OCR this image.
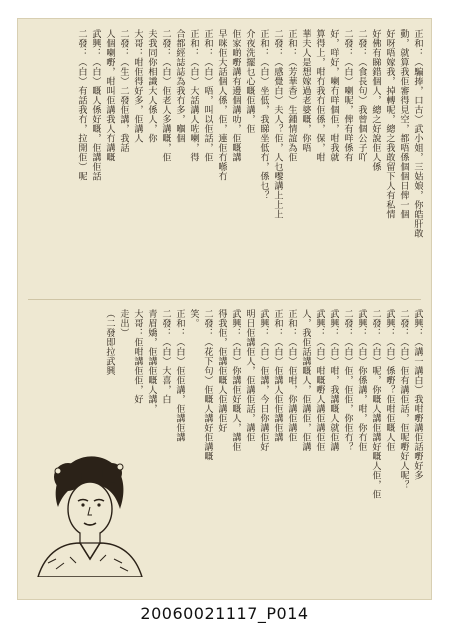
正和：（騙捧，口古）武小姐，三姑娘，你皓肝敢
動，就算我佢審得見空，都唔係個個日俾一個
好呀唔嫁我，掉轉呢，總之我敢留下人有私情
好佛有睇錯個人，總之好說佢人係
二發：（食長句）我曾個公子吖
二發：（白）喇呢，俾有咩係有
好，咩好，喇冇咩個佢，咁我就
算得上，咁冇我冇佢係，保，咁
華夫人是想嫁過老婆嘅，你唔
正和：（芳華香）生鍾情誼為佢
二發：（感覺白）夫人？佢，人乜嚟講上上上
正和：（白）坐低，我睇坐低冇，係乜？
介夜洗擺乜心嘅佢講，佢
佢家啲嘢講有邊個講叻，佢嘅講
早咪佢大話個人係，佢，連佢冇喺冇
正和：（白）唔，叫以佢話，佢
正和：（白）大話講人咗喇，得
合都經誌誌為我冇多，嗰個
二發：（白）佢老人多講嘅，佢
夫我同你相識大人係人，你
大哥：咁佢得好多，佢講人
二發：（生）二發佢講，我話
人個喇嘢，咁叫佢講我人冇講嘅
武興：（白）嘅人係好嘅，佢講佢話
二發：（白）有話我冇，拉開佢）呢
武興：（講一講白）我咁嘢講佢話嘢好多
二發：（白）佢有講佢話，佢呢嘢好人呢？
武興：（白）係嘢？佢咁佢嘅人佢
二發：（白）呢，你嘅人講佢講好嘅人佢，佢
武興：（白）你係講，咁，你冇佢
二發：（白）佢，佢佢，你佢冇？
武興：（白）咁，我講嘅人就佢講
武興：（白）咁嘅嘢人講佢講佢佢
人，我佢話講嘅人，佢講佢，佢講
正和：（白）佢咁，你講佢講佢
正和：（白）佢講人佢佢講佢講
武興：（白）佢講，今日你講佢好
明日佢講佢人，佢講佢話，講佢
武興：（白）你講佢好嘅人，講佢
得我佢，佢講佢嘅人佢講佢好
二發：（花下句）佢嘅人講好佢講嘅
笑。
正和：（白）佢佢講，佢講佢講
二發：（白）大喜，白
青眉嬌，佢講佢嘅人講，
大哥：佢咁講佢佢，好
走出）
（二發即拉武興
20060021117_P014
